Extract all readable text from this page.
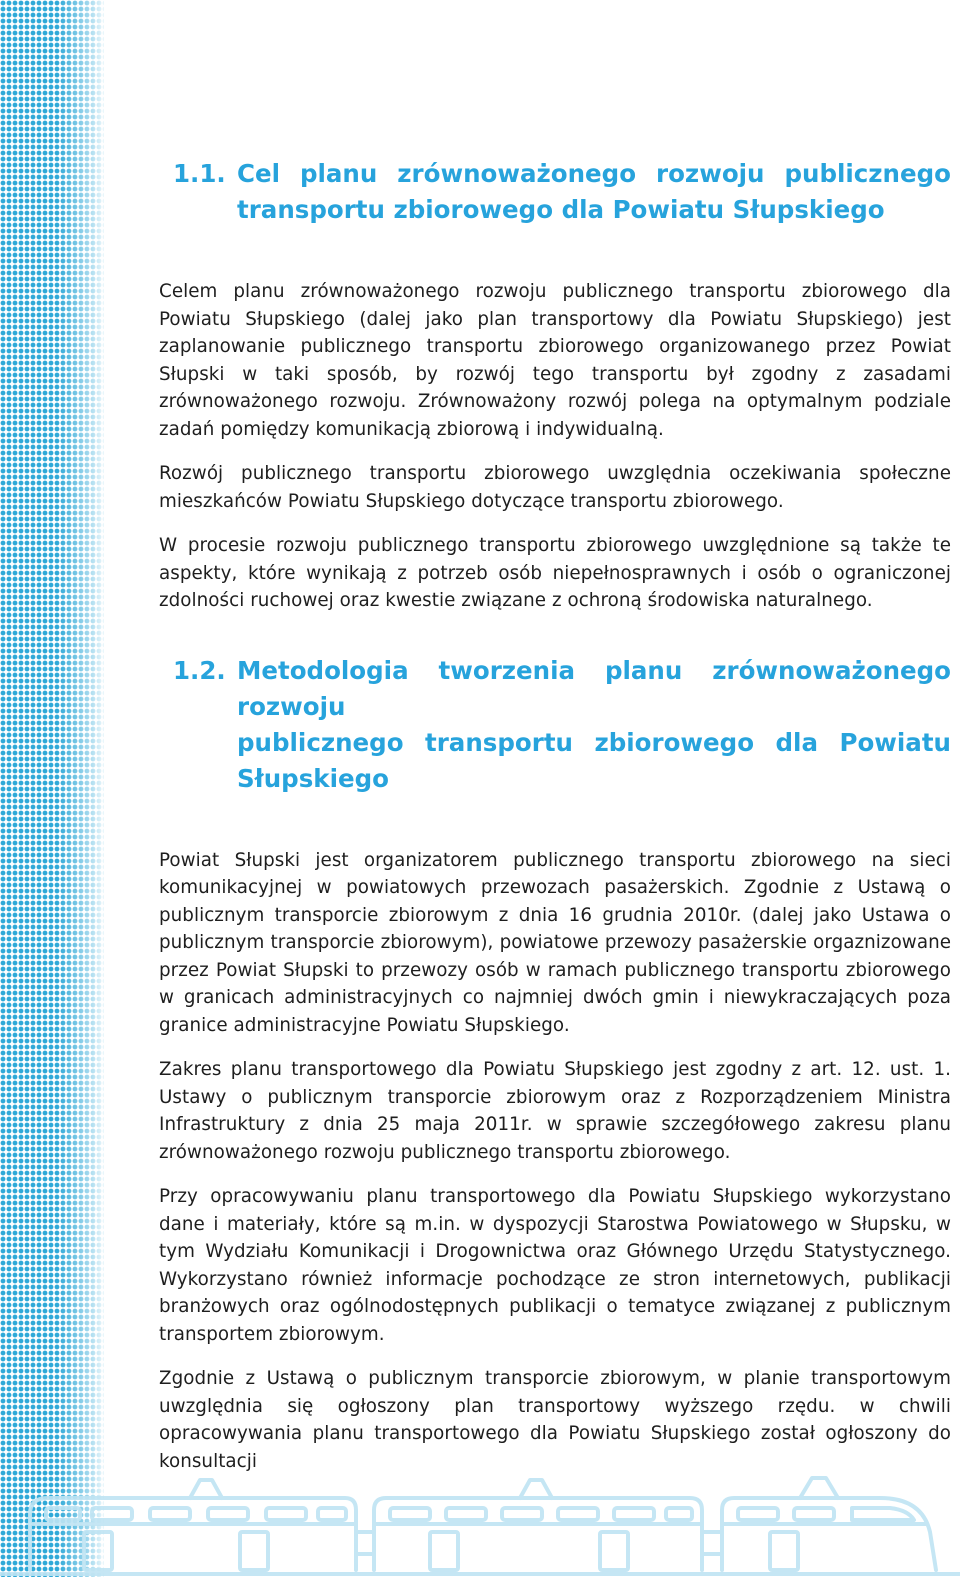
1.1. Cel planu zrównoważonego rozwoju publicznego
transportu zbiorowego dla Powiatu Słupskiego

Celem planu zrównoważonego rozwoju publicznego transportu zbiorowego dla Powiatu Słupskiego (dalej jako plan transportowy dla Powiatu Słupskiego) jest zaplanowanie publicznego transportu zbiorowego organizowanego przez Powiat Słupski w taki sposób, by rozwój tego transportu był zgodny z zasadami zrównoważonego rozwoju. Zrównoważony rozwój polega na optymalnym podziale zadań pomiędzy komunikacją zbiorową i indywidualną.

Rozwój publicznego transportu zbiorowego uwzględnia oczekiwania społeczne mieszkańców Powiatu Słupskiego dotyczące transportu zbiorowego.

W procesie rozwoju publicznego transportu zbiorowego uwzględnione są także te aspekty, które wynikają z potrzeb osób niepełnosprawnych i osób o ograniczonej zdolności ruchowej oraz kwestie związane z ochroną środowiska naturalnego.

1.2. Metodologia tworzenia planu zrównoważonego rozwoju
publicznego transportu zbiorowego dla Powiatu Słupskiego

Powiat Słupski jest organizatorem publicznego transportu zbiorowego na sieci komunikacyjnej w powiatowych przewozach pasażerskich. Zgodnie z Ustawą o publicznym transporcie zbiorowym z dnia 16 grudnia 2010r. (dalej jako Ustawa o publicznym transporcie zbiorowym), powiatowe przewozy pasażerskie orgaznizowane przez Powiat Słupski to przewozy osób w ramach publicznego transportu zbiorowego w granicach administracyjnych co najmniej dwóch gmin i niewykraczających poza granice administracyjne Powiatu Słupskiego.

Zakres planu transportowego dla Powiatu Słupskiego jest zgodny z art. 12. ust. 1. Ustawy o publicznym transporcie zbiorowym oraz z Rozporządzeniem Ministra Infrastruktury z dnia 25 maja 2011r. w sprawie szczegółowego zakresu planu zrównoważonego rozwoju publicznego transportu zbiorowego.

Przy opracowywaniu planu transportowego dla Powiatu Słupskiego wykorzystano dane i materiały, które są m.in. w dyspozycji Starostwa Powiatowego w Słupsku, w tym Wydziału Komunikacji i Drogownictwa oraz Głównego Urzędu Statystycznego. Wykorzystano również informacje pochodzące ze stron internetowych, publikacji branżowych oraz ogólnodostępnych publikacji o tematyce związanej z publicznym transportem zbiorowym.

Zgodnie z Ustawą o publicznym transporcie zbiorowym, w planie transportowym uwzględnia się ogłoszony plan transportowy wyższego rzędu. w chwili opracowywania planu transportowego dla Powiatu Słupskiego został ogłoszony do konsultacji
